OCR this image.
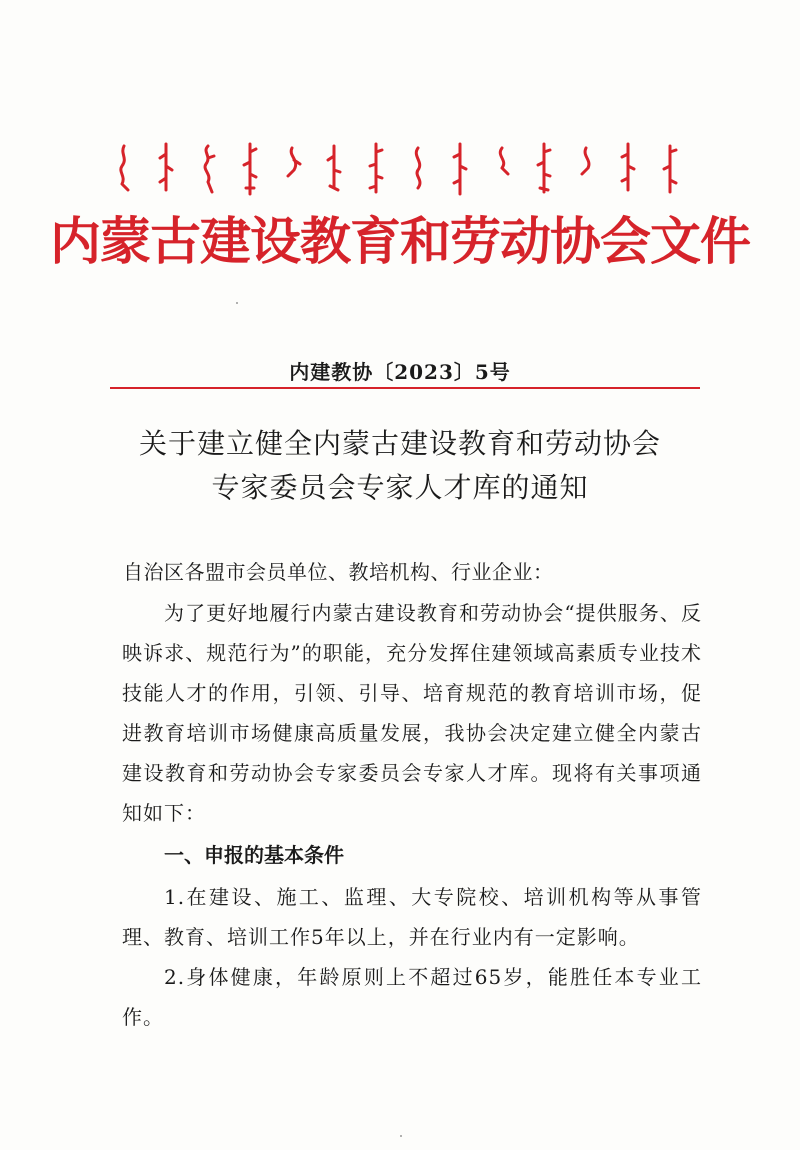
内蒙古建设教育和劳动协会文件
内建教协〔2023〕5号
关于建立健全内蒙古建设教育和劳动协会
专家委员会专家人才库的通知
自治区各盟市会员单位、教培机构、行业企业：
为了更好地履行内蒙古建设教育和劳动协会“提供服务、反映诉求、规范行为”的职能，充分发挥住建领域高素质专业技术技能人才的作用，引领、引导、培育规范的教育培训市场，促进教育培训市场健康高质量发展，我协会决定建立健全内蒙古建设教育和劳动协会专家委员会专家人才库。现将有关事项通知如下：
一、申报的基本条件
1.在建设、施工、监理、大专院校、培训机构等从事管理、教育、培训工作5年以上，并在行业内有一定影响。
2.身体健康，年龄原则上不超过65岁，能胜任本专业工作。
